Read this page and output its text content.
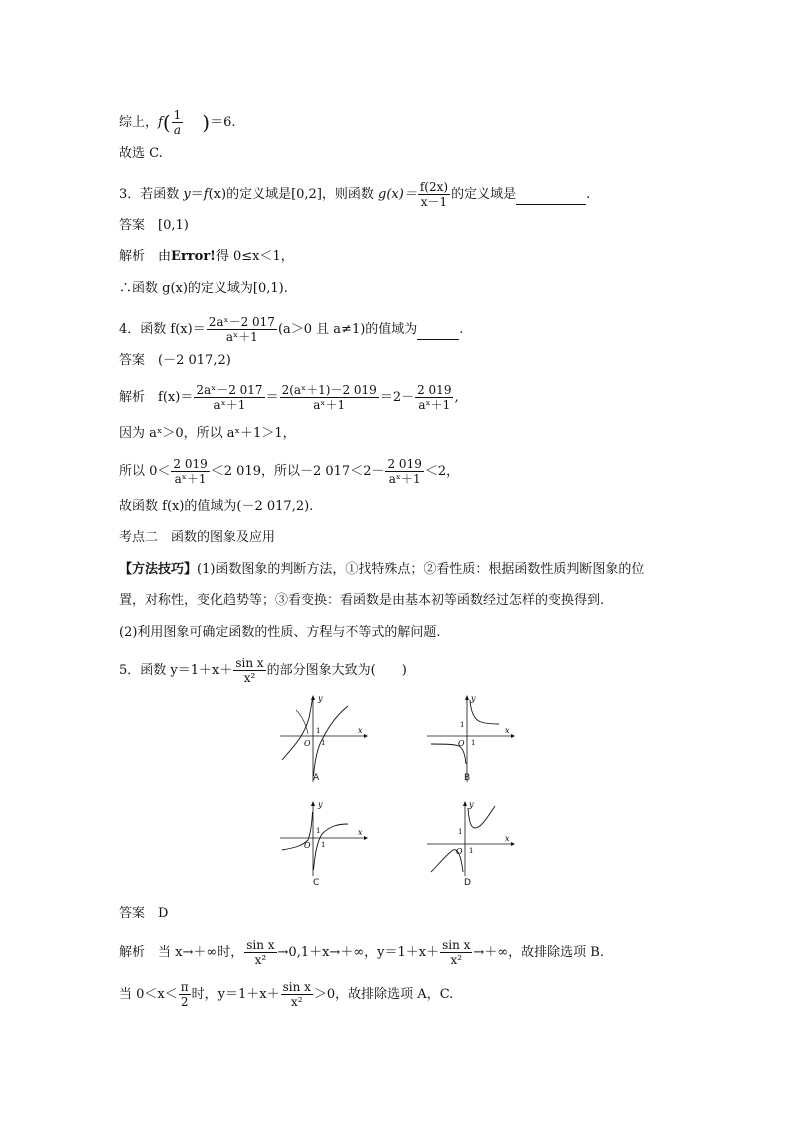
综上，$f( \frac{1}{a} )=6$.
故选 C.
3．若函数 y＝f(x)的定义域是[0,2]，则函数 $g(x)= \frac{f(2x)}{x-1}$ 的定义域是	.
答案　 [0,1)
解析　 由Error!得 0≤x＜1，
∴函数 g(x)的定义域为[0,1).
4．函数 $f(x)= \frac{\text{2aˣ－2 017}}{\text{aˣ＋1}} (a>0$ 且 a≠1)的值域为	.
答案　 (－2 017,2)
解析　 $f(x)= \frac{\text{2aˣ－2 017}}{\text{aˣ＋1}} = \frac{\text{2(aˣ＋1)－2 019}}{\text{aˣ＋1}} =2- \frac{2 019}{\text{aˣ＋1}}$ ,
因为 aˣ＞0，所以 aˣ＋1＞1，
所以 $0< \frac{2 019}{\text{aˣ＋1}} <2$ 019，所以－2 $017<2- \frac{2 019}{\text{aˣ＋1}} <2$，
故函数 f(x)的值域为(－2 017,2).
考点二　函数的图象及应用
【方法技巧】(1)函数图象的判断方法，①找特殊点；②看性质：根据函数性质判断图象的位
置，对称性，变化趋势等；③看变换：看函数是由基本初等函数经过怎样的变换得到.
(2)利用图象可确定函数的性质、方程与不等式的解问题.
5．函数 $y=1+x+ \frac{\text{sin x}}{\text{x²}}$ 的部分图象大致为(　　)
y
x
O
1
1
A
y
x
O
1
1
B
y
x
O
1
1
C
y
x
O
1
1
D
答案　 D
解析　 当 x→＋∞时， $\frac{\text{sin x}}{\text{x²}} \to 0,1+x\to+\infty$，$y=1+x+ \frac{\text{sin x}}{\text{x²}}$ →＋∞，故排除选项 B.
当 $0<x< \frac{\pi}{2}$ 时，$y=1+x+ \frac{\text{sin x}}{\text{x²}} >0$，故排除选项 A，C.
